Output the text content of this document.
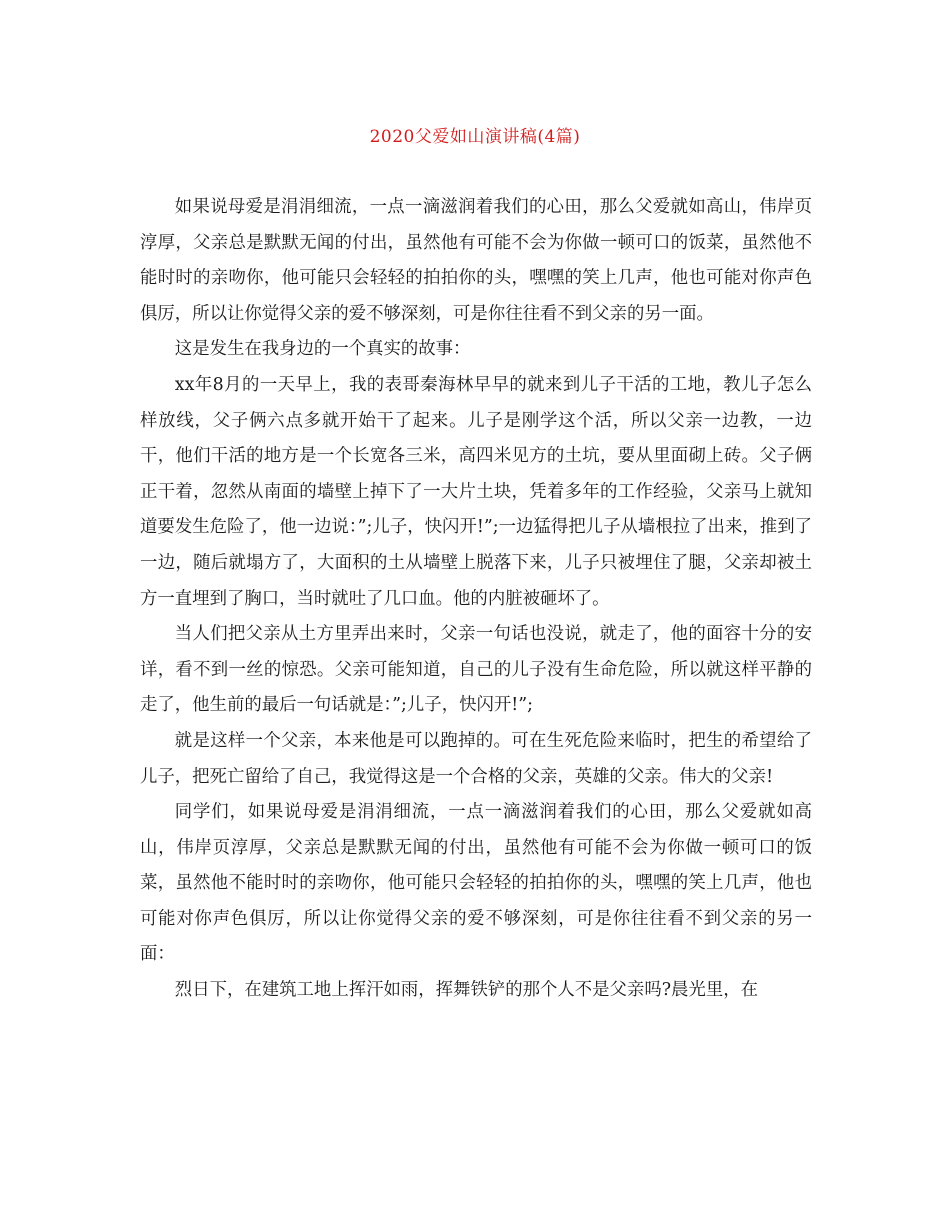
2020父爱如山演讲稿(4篇)

如果说母爱是涓涓细流，一点一滴滋润着我们的心田，那么父爱就如高山，伟岸页淳厚，父亲总是默默无闻的付出，虽然他有可能不会为你做一顿可口的饭菜，虽然他不能时时的亲吻你，他可能只会轻轻的拍拍你的头，嘿嘿的笑上几声，他也可能对你声色俱厉，所以让你觉得父亲的爱不够深刻，可是你往往看不到父亲的另一面。

这是发生在我身边的一个真实的故事：

xx年8月的一天早上，我的表哥秦海林早早的就来到儿子干活的工地，教儿子怎么样放线，父子俩六点多就开始干了起来。儿子是刚学这个活，所以父亲一边教，一边干，他们干活的地方是一个长宽各三米，高四米见方的土坑，要从里面砌上砖。父子俩正干着，忽然从南面的墙壁上掉下了一大片土块，凭着多年的工作经验，父亲马上就知道要发生危险了，他一边说：”;儿子，快闪开!”;一边猛得把儿子从墙根拉了出来，推到了一边，随后就塌方了，大面积的土从墙壁上脱落下来，儿子只被埋住了腿，父亲却被土方一直埋到了胸口，当时就吐了几口血。他的内脏被砸坏了。

当人们把父亲从土方里弄出来时，父亲一句话也没说，就走了，他的面容十分的安详，看不到一丝的惊恐。父亲可能知道，自己的儿子没有生命危险，所以就这样平静的走了，他生前的最后一句话就是：”;儿子，快闪开!”;

就是这样一个父亲，本来他是可以跑掉的。可在生死危险来临时，把生的希望给了儿子，把死亡留给了自己，我觉得这是一个合格的父亲，英雄的父亲。伟大的父亲!

同学们，如果说母爱是涓涓细流，一点一滴滋润着我们的心田，那么父爱就如高山，伟岸页淳厚，父亲总是默默无闻的付出，虽然他有可能不会为你做一顿可口的饭菜，虽然他不能时时的亲吻你，他可能只会轻轻的拍拍你的头，嘿嘿的笑上几声，他也可能对你声色俱厉，所以让你觉得父亲的爱不够深刻，可是你往往看不到父亲的另一面：

烈日下，在建筑工地上挥汗如雨，挥舞铁铲的那个人不是父亲吗?晨光里，在
